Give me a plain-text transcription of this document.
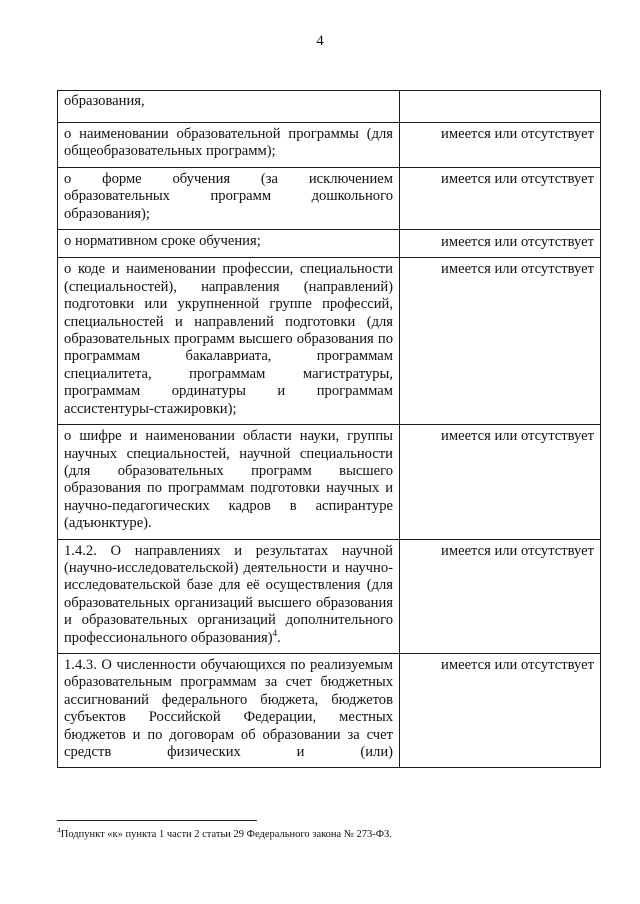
4
образования,	
о наименовании образовательной программы (для общеобразовательных программ);	имеется или отсутствует
о форме обучения (за исключением образовательных программ дошкольного образования);	имеется или отсутствует
о нормативном сроке обучения;	имеется или отсутствует
о коде и наименовании профессии, специальности (специальностей), направления (направлений) подготовки или укрупненной группе профессий, специальностей и направлений подготовки (для образовательных программ высшего образования по программам бакалавриата, программам специалитета, программам магистратуры, программам ординатуры и программам ассистентуры-стажировки);	имеется или отсутствует
о шифре и наименовании области науки, группы научных специальностей, научной специальности (для образовательных программ высшего образования по программам подготовки научных и научно-педагогических кадров в аспирантуре (адъюнктуре).	имеется или отсутствует
1.4.2. О направлениях и результатах научной (научно-исследовательской) деятельности и научно-исследовательской базе для её осуществления (для образовательных организаций высшего образования и образовательных организаций дополнительного профессионального образования)$^4$.	имеется или отсутствует
1.4.3. О численности обучающихся по реализуемым образовательным программам за счет бюджетных ассигнований федерального бюджета, бюджетов субъектов Российской Федерации, местных бюджетов и по договорам об образовании за счет средств физических и (или)	имеется или отсутствует
$^4$Подпункт «к» пункта 1 части 2 статьи 29 Федерального закона № 273-ФЗ.
